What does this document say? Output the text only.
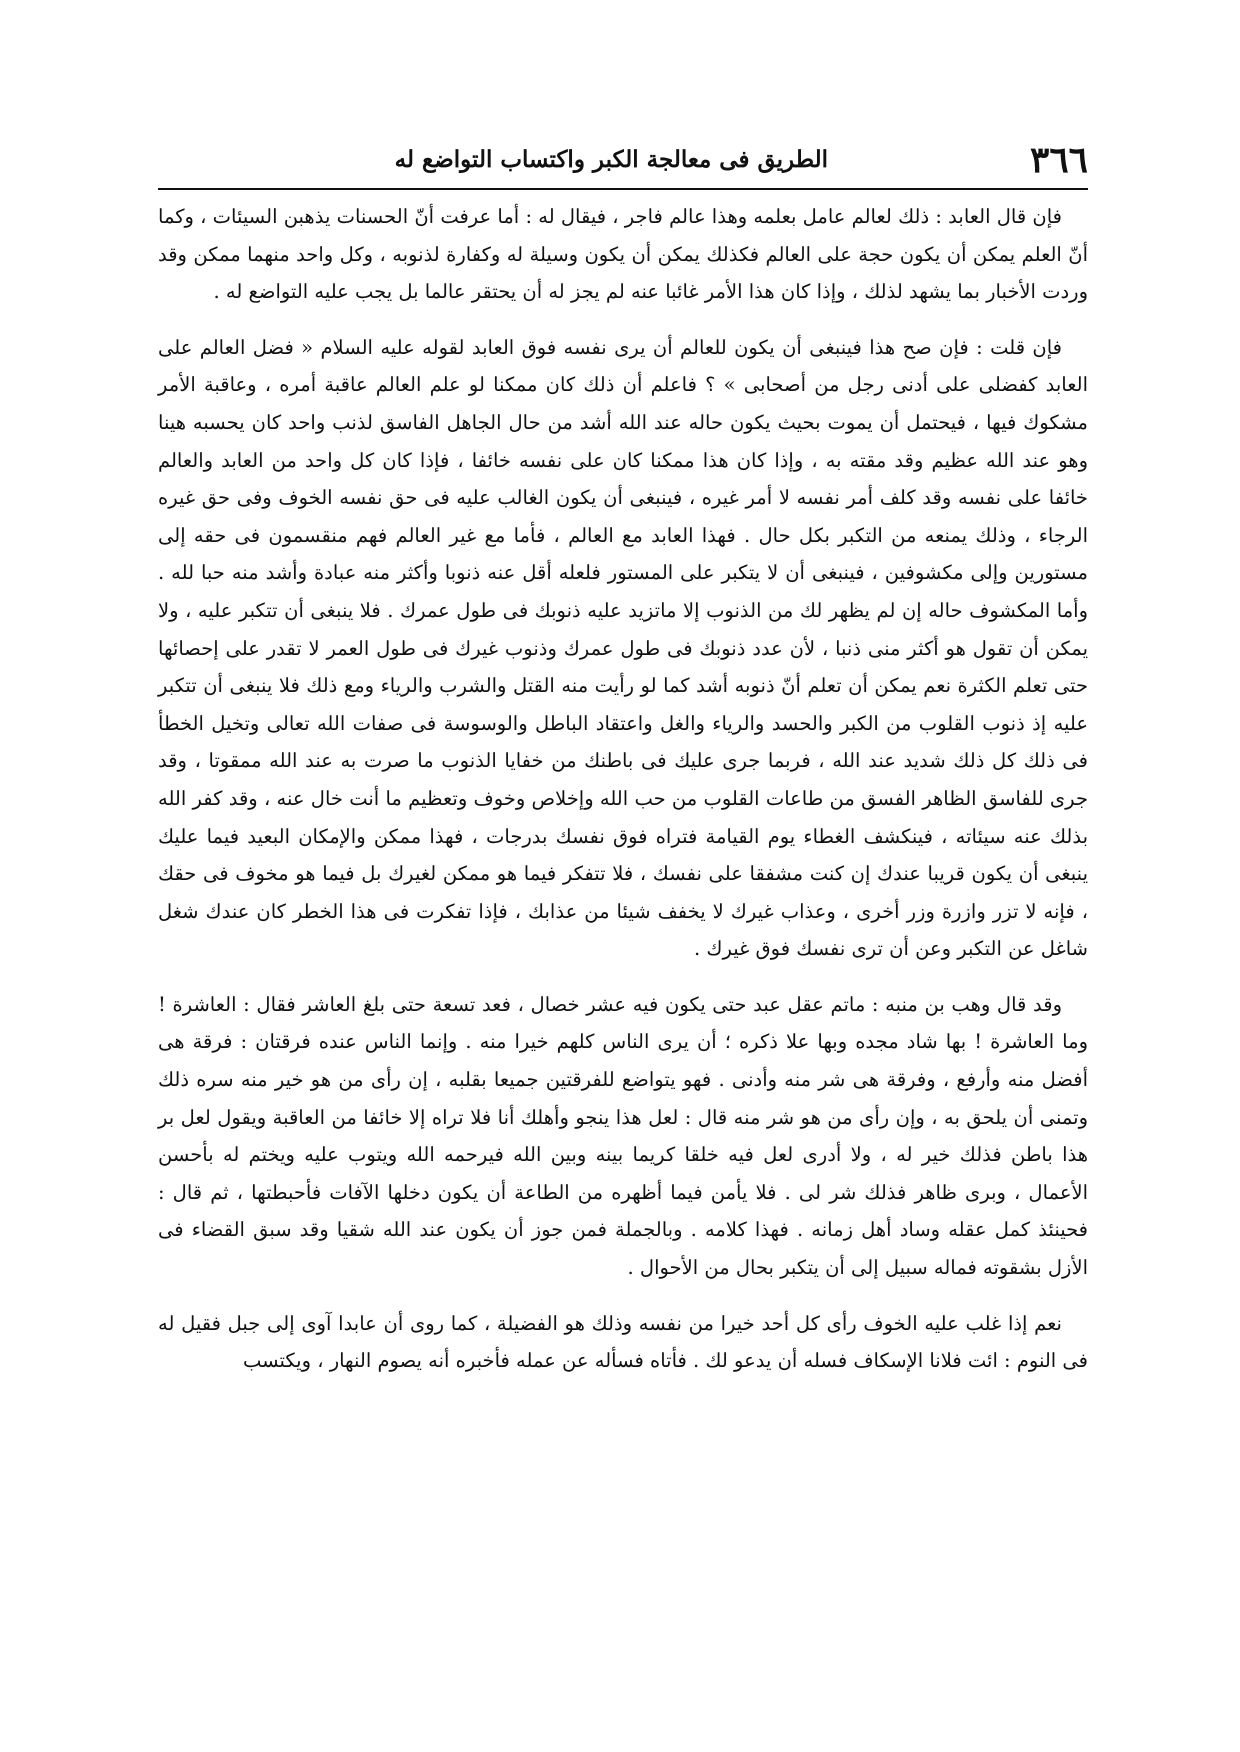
٣٦٦
الطريق فى معالجة الكبر واكتساب التواضع له

فإن قال العابد : ذلك لعالم عامل بعلمه وهذا عالم فاجر ، فيقال له : أما عرفت أنّ الحسنات يذهبن السيئات ، وكما أنّ العلم يمكن أن يكون حجة على العالم فكذلك يمكن أن يكون وسيلة له وكفارة لذنوبه ، وكل واحد منهما ممكن وقد وردت الأخبار بما يشهد لذلك ، وإذا كان هذا الأمر غائبا عنه لم يجز له أن يحتقر عالما بل يجب عليه التواضع له .

فإن قلت : فإن صح هذا فينبغى أن يكون للعالم أن يرى نفسه فوق العابد لقوله عليه السلام « فضل العالم على العابد كفضلى على أدنى رجل من أصحابى » ؟ فاعلم أن ذلك كان ممكنا لو علم العالم عاقبة أمره ، وعاقبة الأمر مشكوك فيها ، فيحتمل أن يموت بحيث يكون حاله عند الله أشد من حال الجاهل الفاسق لذنب واحد كان يحسبه هينا وهو عند الله عظيم وقد مقته به ، وإذا كان هذا ممكنا كان على نفسه خائفا ، فإذا كان كل واحد من العابد والعالم خائفا على نفسه وقد كلف أمر نفسه لا أمر غيره ، فينبغى أن يكون الغالب عليه فى حق نفسه الخوف وفى حق غيره الرجاء ، وذلك يمنعه من التكبر بكل حال . فهذا العابد مع العالم ، فأما مع غير العالم فهم منقسمون فى حقه إلى مستورين وإلى مكشوفين ، فينبغى أن لا يتكبر على المستور فلعله أقل عنه ذنوبا وأكثر منه عبادة وأشد منه حبا لله . وأما المكشوف حاله إن لم يظهر لك من الذنوب إلا ماتزيد عليه ذنوبك فى طول عمرك . فلا ينبغى أن تتكبر عليه ، ولا يمكن أن تقول هو أكثر منى ذنبا ، لأن عدد ذنوبك فى طول عمرك وذنوب غيرك فى طول العمر لا تقدر على إحصائها حتى تعلم الكثرة نعم يمكن أن تعلم أنّ ذنوبه أشد كما لو رأيت منه القتل والشرب والرياء ومع ذلك فلا ينبغى أن تتكبر عليه إذ ذنوب القلوب من الكبر والحسد والرياء والغل واعتقاد الباطل والوسوسة فى صفات الله تعالى وتخيل الخطأ فى ذلك كل ذلك شديد عند الله ، فربما جرى عليك فى باطنك من خفايا الذنوب ما صرت به عند الله ممقوتا ، وقد جرى للفاسق الظاهر الفسق من طاعات القلوب من حب الله وإخلاص وخوف وتعظيم ما أنت خال عنه ، وقد كفر الله بذلك عنه سيئاته ، فينكشف الغطاء يوم القيامة فتراه فوق نفسك بدرجات ، فهذا ممكن والإمكان البعيد فيما عليك ينبغى أن يكون قريبا عندك إن كنت مشفقا على نفسك ، فلا تتفكر فيما هو ممكن لغيرك بل فيما هو مخوف فى حقك ، فإنه لا تزر وازرة وزر أخرى ، وعذاب غيرك لا يخفف شيئا من عذابك ، فإذا تفكرت فى هذا الخطر كان عندك شغل شاغل عن التكبر وعن أن ترى نفسك فوق غيرك .

وقد قال وهب بن منبه : ماتم عقل عبد حتى يكون فيه عشر خصال ، فعد تسعة حتى بلغ العاشر فقال : العاشرة ! وما العاشرة ! بها شاد مجده وبها علا ذكره ؛ أن يرى الناس كلهم خيرا منه . وإنما الناس عنده فرقتان : فرقة هى أفضل منه وأرفع ، وفرقة هى شر منه وأدنى . فهو يتواضع للفرقتين جميعا بقلبه ، إن رأى من هو خير منه سره ذلك وتمنى أن يلحق به ، وإن رأى من هو شر منه قال : لعل هذا ينجو وأهلك أنا فلا تراه إلا خائفا من العاقبة ويقول لعل بر هذا باطن فذلك خير له ، ولا أدرى لعل فيه خلقا كريما بينه وبين الله فيرحمه الله ويتوب عليه ويختم له بأحسن الأعمال ، وبرى ظاهر فذلك شر لى . فلا يأمن فيما أظهره من الطاعة أن يكون دخلها الآفات فأحبطتها ، ثم قال : فحينئذ كمل عقله وساد أهل زمانه . فهذا كلامه . وبالجملة فمن جوز أن يكون عند الله شقيا وقد سبق القضاء فى الأزل بشقوته فماله سبيل إلى أن يتكبر بحال من الأحوال .

نعم إذا غلب عليه الخوف رأى كل أحد خيرا من نفسه وذلك هو الفضيلة ، كما روى أن عابدا آوى إلى جبل فقيل له فى النوم : ائت فلانا الإسكاف فسله أن يدعو لك . فأتاه فسأله عن عمله فأخبره أنه يصوم النهار ، ويكتسب
